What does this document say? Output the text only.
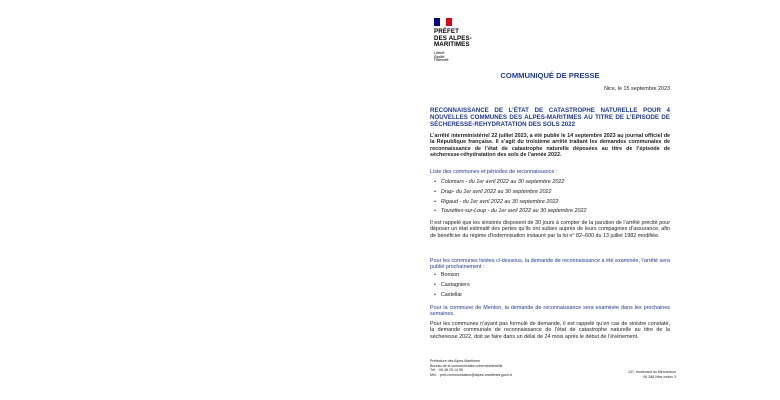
PRÉFET
DES ALPES-
MARITIMES
Liberté
Égalité
Fraternité
COMMUNIQUÉ DE PRESSE
Nice, le 15 septembre 2023
RECONNAISSANCE DE L’ÉTAT DE CATASTROPHE NATURELLE POUR 4 NOUVELLES COMMUNES DES ALPES-MARITIMES AU TITRE DE L’EPISODE DE SÉCHERESSE-REHYDRATATION DES SOLS 2022
L’arrêté interministériel 22 juillet 2023, a été publié le 14 septembre 2023 au journal officiel de la République française. Il s’agit du troisième arrêté traitant les demandes communales de reconnaissance de l’état de catastrophe naturelle déposées au titre de l’épisode de sécheresse-réhydratation des sols de l’année 2022.
Liste des communes et périodes de reconnaissance :
• Colomars - du 1er avril 2022 au 30 septembre 2022
• Drap- du 1er avril 2022 au 30 septembre 2022
• Rigaud - du 1er avril 2022 au 30 septembre 2022
• Tourettes-sur-Loup - du 1er avril 2022 au 30 septembre 2022
Il est rappelé que les sinistrés disposent de 30 jours à compter de la parution de l’arrêté précité pour déposer un état estimatif des pertes qu’ils ont subies auprès de leurs compagnies d’assurance, afin de bénéficier du régime d’indemnisation instauré par la loi n° 82–600 du 13 juillet 1982 modifiée.
Pour les communes listées ci-dessous, la demande de reconnaissance a été examinée, l’arrêté sera publié prochainement :
• Bonson
• Castagniers
• Castellar
Pour la commune de Menton, la demande de reconnaissance sera examinée dans les prochaines semaines.
Pour les communes n’ayant pas formulé de demande, il est rappelé qu’en cas de sinistre constaté, la demande communale de reconnaissance de l’état de catastrophe naturelle au titre de la sécheresse 2022, doit se faire dans un délai de 24 mois après le début de l’événement.
Préfecture des Alpes-Maritimes
Bureau de la communication interministérielle
Tél. : 06 48 25 14 55
Mél. : pref-communication@alpes-maritimes.gouv.fr
147, boulevard du Mercantour
06 286 Nice cedex 3
